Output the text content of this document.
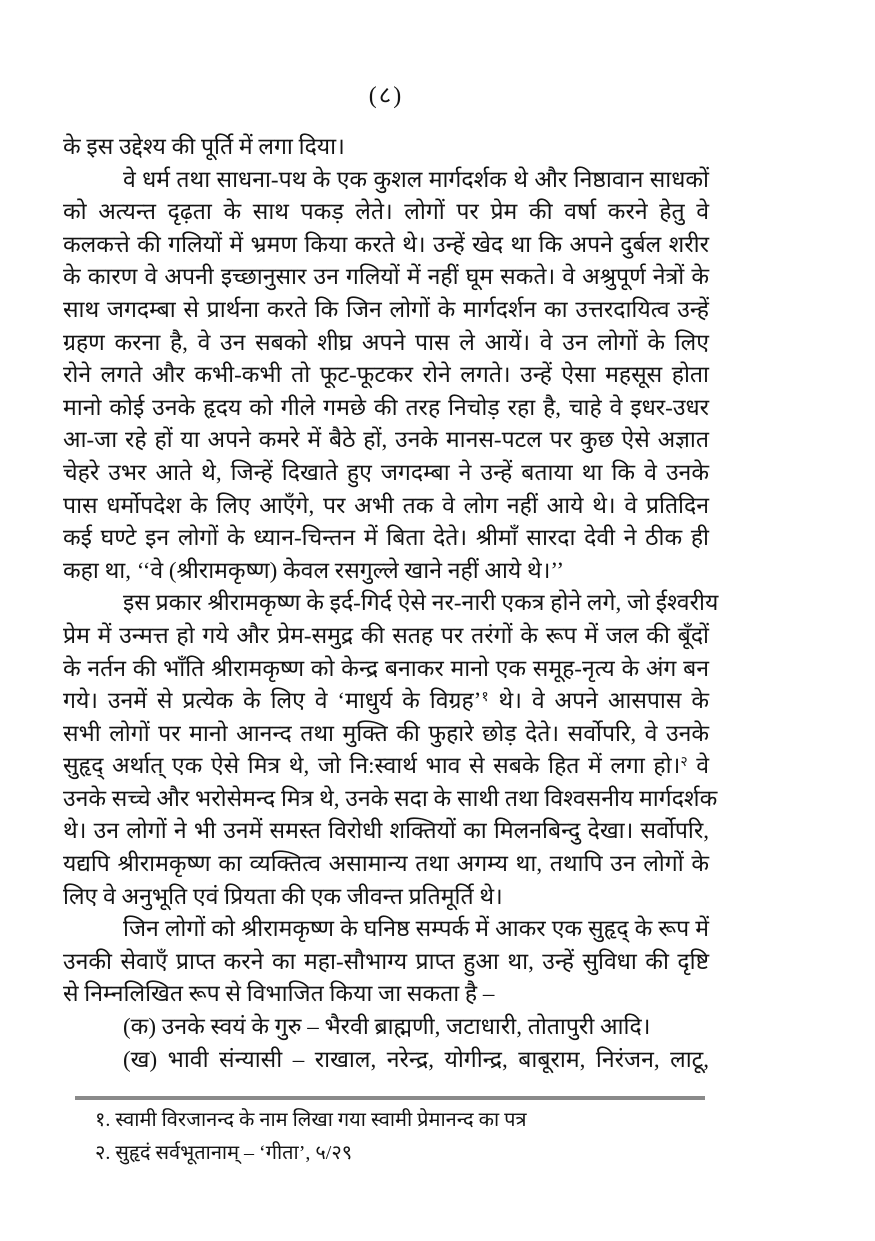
(८)
के इस उद्देश्य की पूर्ति में लगा दिया।
वे धर्म तथा साधना-पथ के एक कुशल मार्गदर्शक थे और निष्ठावान साधकों
को अत्यन्त दृढ़ता के साथ पकड़ लेते। लोगों पर प्रेम की वर्षा करने हेतु वे
कलकत्ते की गलियों में भ्रमण किया करते थे। उन्हें खेद था कि अपने दुर्बल शरीर
के कारण वे अपनी इच्छानुसार उन गलियों में नहीं घूम सकते। वे अश्रुपूर्ण नेत्रों के
साथ जगदम्बा से प्रार्थना करते कि जिन लोगों के मार्गदर्शन का उत्तरदायित्व उन्हें
ग्रहण करना है, वे उन सबको शीघ्र अपने पास ले आयें। वे उन लोगों के लिए
रोने लगते और कभी-कभी तो फूट-फूटकर रोने लगते। उन्हें ऐसा महसूस होता
मानो कोई उनके हृदय को गीले गमछे की तरह निचोड़ रहा है, चाहे वे इधर-उधर
आ-जा रहे हों या अपने कमरे में बैठे हों, उनके मानस-पटल पर कुछ ऐसे अज्ञात
चेहरे उभर आते थे, जिन्हें दिखाते हुए जगदम्बा ने उन्हें बताया था कि वे उनके
पास धर्मोपदेश के लिए आएँगे, पर अभी तक वे लोग नहीं आये थे। वे प्रतिदिन
कई घण्टे इन लोगों के ध्यान-चिन्तन में बिता देते। श्रीमाँ सारदा देवी ने ठीक ही
कहा था, ‘‘वे (श्रीरामकृष्ण) केवल रसगुल्ले खाने नहीं आये थे।’’
इस प्रकार श्रीरामकृष्ण के इर्द-गिर्द ऐसे नर-नारी एकत्र होने लगे, जो ईश्वरीय
प्रेम में उन्मत्त हो गये और प्रेम-समुद्र की सतह पर तरंगों के रूप में जल की बूँदों
के नर्तन की भाँति श्रीरामकृष्ण को केन्द्र बनाकर मानो एक समूह-नृत्य के अंग बन
गये। उनमें से प्रत्येक के लिए वे ‘माधुर्य के विग्रह’$^१$ थे। वे अपने आसपास के
सभी लोगों पर मानो आनन्द तथा मुक्ति की फुहारे छोड़ देते। सर्वोपरि, वे उनके
सुहृद् अर्थात् एक ऐसे मित्र थे, जो नि:स्वार्थ भाव से सबके हित में लगा हो।$^२$ वे
उनके सच्चे और भरोसेमन्द मित्र थे, उनके सदा के साथी तथा विश्वसनीय मार्गदर्शक
थे। उन लोगों ने भी उनमें समस्त विरोधी शक्तियों का मिलनबिन्दु देखा। सर्वोपरि,
यद्यपि श्रीरामकृष्ण का व्यक्तित्व असामान्य तथा अगम्य था, तथापि उन लोगों के
लिए वे अनुभूति एवं प्रियता की एक जीवन्त प्रतिमूर्ति थे।
जिन लोगों को श्रीरामकृष्ण के घनिष्ठ सम्पर्क में आकर एक सुहृद् के रूप में
उनकी सेवाएँ प्राप्त करने का महा-सौभाग्य प्राप्त हुआ था, उन्हें सुविधा की दृष्टि
से निम्नलिखित रूप से विभाजित किया जा सकता है –
(क) उनके स्वयं के गुरु – भैरवी ब्राह्मणी, जटाधारी, तोतापुरी आदि।
(ख) भावी संन्यासी – राखाल, नरेन्द्र, योगीन्द्र, बाबूराम, निरंजन, लाटू,
१. स्वामी विरजानन्द के नाम लिखा गया स्वामी प्रेमानन्द का पत्र
२. सुहृदं सर्वभूतानाम् – ‘गीता’, ५/२९
